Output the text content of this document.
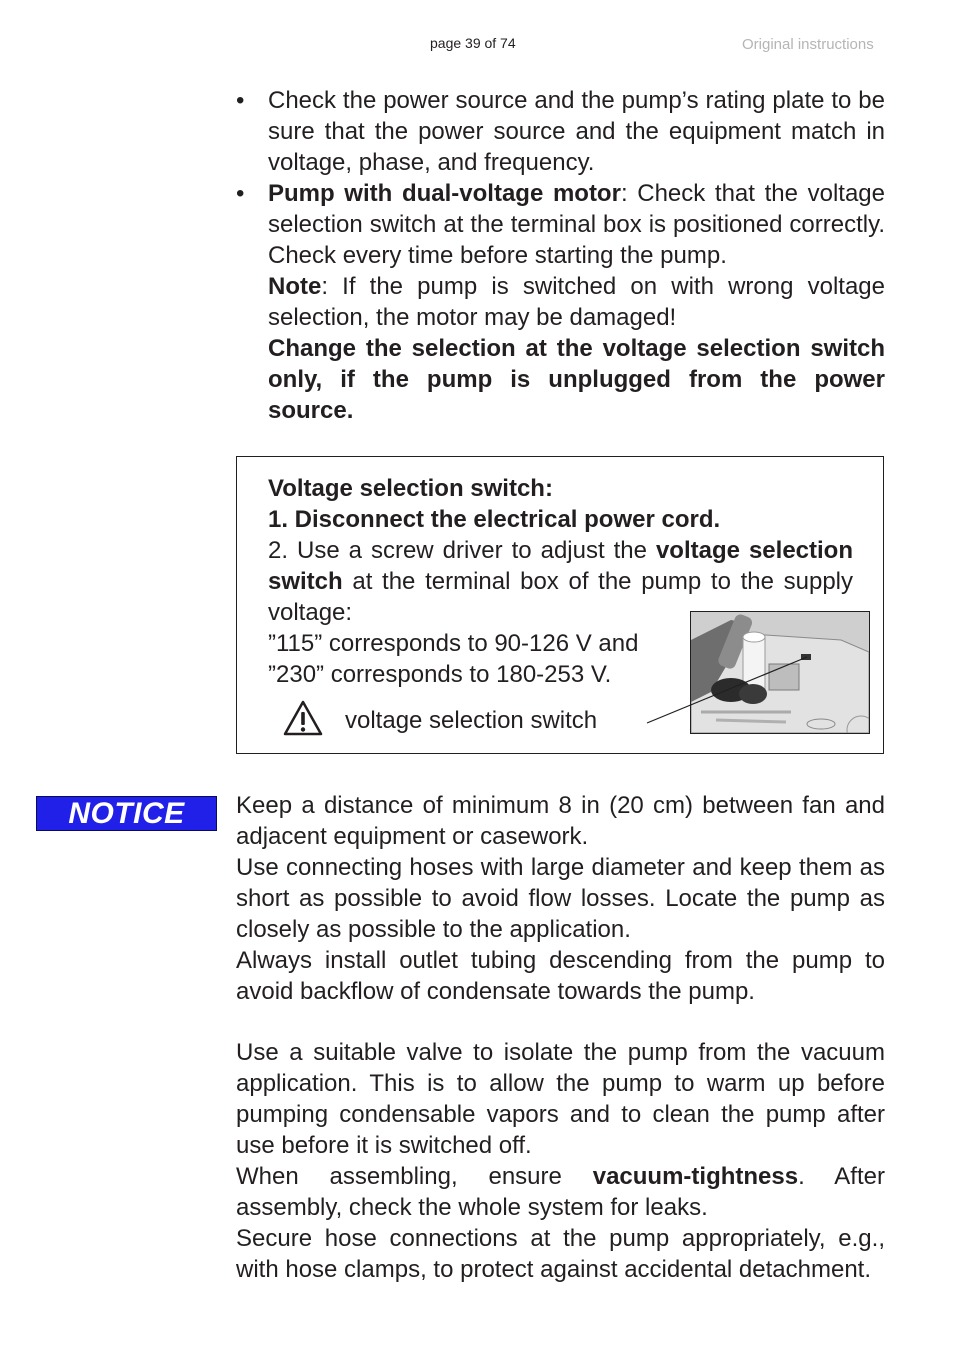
page 39 of 74	Original instructions
• Check the power source and the pump’s rating plate to be sure that the power source and the equipment match in voltage, phase, and frequency.
• Pump with dual-voltage motor: Check that the voltage selection switch at the terminal box is positioned correctly. Check every time before starting the pump.
Note: If the pump is switched on with wrong voltage selection, the motor may be damaged!
Change the selection at the voltage selection switch only, if the pump is unplugged from the power source.

Voltage selection switch:

1. Disconnect the electrical power cord.

2. Use a screw driver to adjust the voltage selection switch at the terminal box of the pump to the supply voltage:

”115” corresponds to 90-126 V and

”230” corresponds to 180-253 V.

voltage selection switch
NOTICE	Keep a distance of minimum 8 in (20 cm) between fan and adjacent equipment or casework.

Use connecting hoses with large diameter and keep them as short as possible to avoid flow losses. Locate the pump as closely as possible to the application.

Always install outlet tubing descending from the pump to avoid backflow of condensate towards the pump.

Use a suitable valve to isolate the pump from the vacuum application. This is to allow the pump to warm up before pumping condensable vapors and to clean the pump after use before it is switched off.

When assembling, ensure vacuum-tightness. After assembly, check the whole system for leaks.

Secure hose connections at the pump appropriately, e.g., with hose clamps, to protect against accidental detachment.
